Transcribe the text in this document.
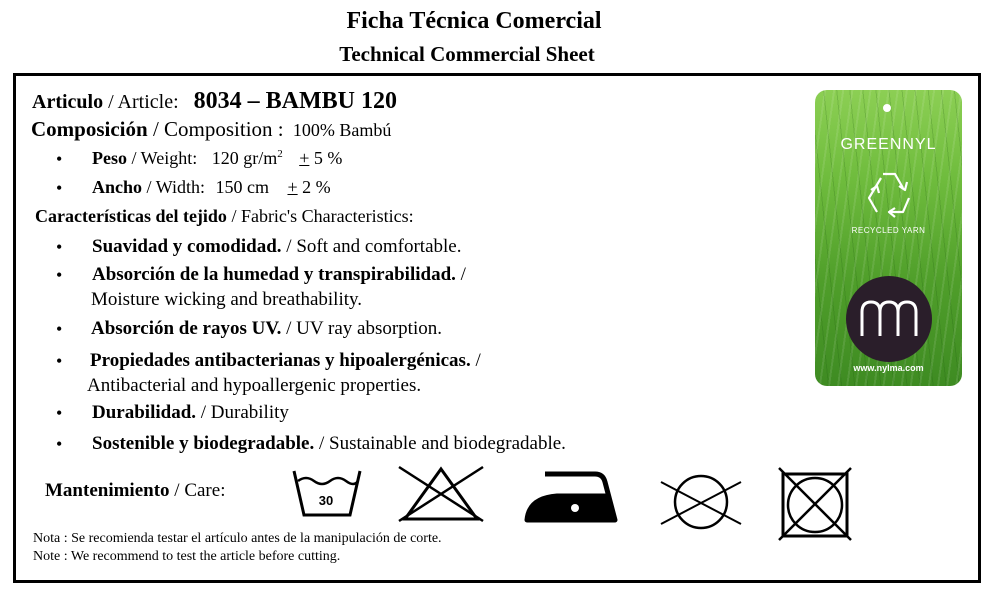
Ficha Técnica Comercial
Technical Commercial Sheet
Articulo / Article: 8034 – BAMBU 120
Composición / Composition : 100% Bambú
• Peso / Weight: 120 $gr/m^2 + 5$ %
• Ancho / Width: 150 cm + 2 %
Características del tejido / Fabric's Characteristics:
• Suavidad y comodidad. / Soft and comfortable.
• Absorción de la humedad y transpirabilidad. /
Moisture wicking and breathability.
• Absorción de rayos UV. / UV ray absorption.
• Propiedades antibacterianas y hipoalergénicas. /
Antibacterial and hypoallergenic properties.
• Durabilidad. / Durability
• Sostenible y biodegradable. / Sustainable and biodegradable.
Mantenimiento / Care:	30
Nota : Se recomienda testar el artículo antes de la manipulación de corte.
Note : We recommend to test the article before cutting.
GREENNYL
RECYCLED YARN
www.nylma.com
